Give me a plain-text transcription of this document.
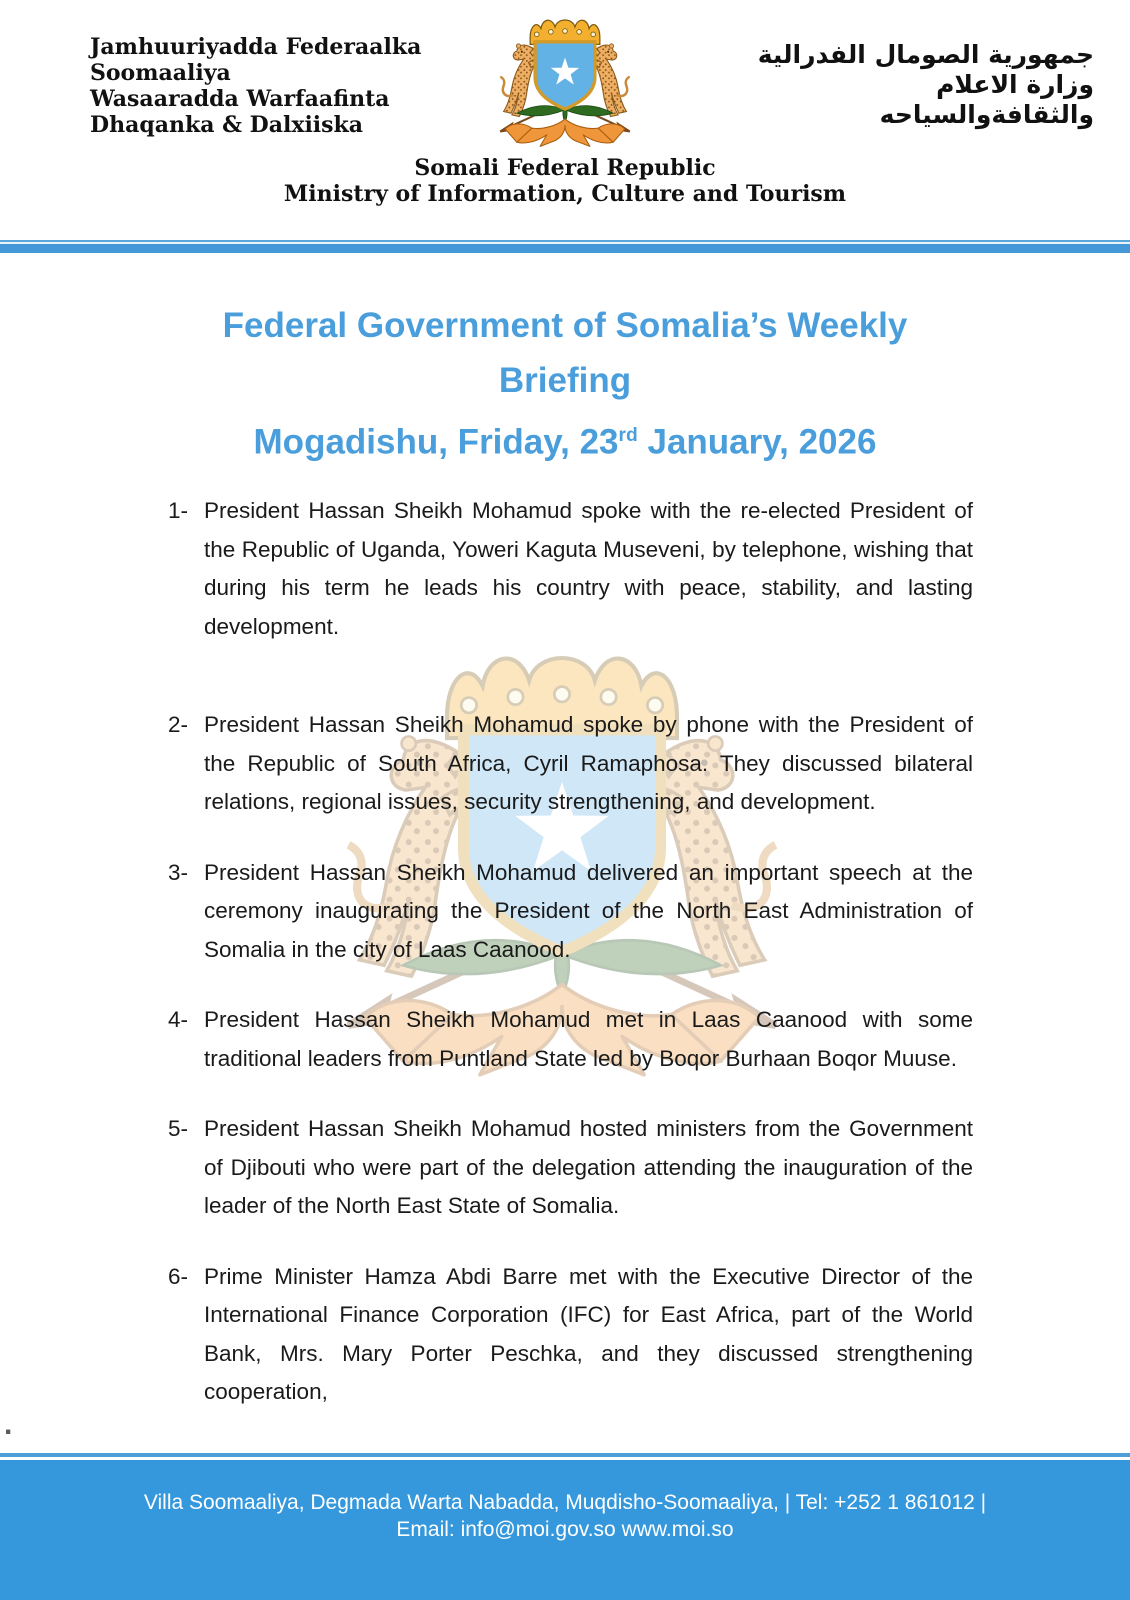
Jamhuuriyadda Federaalka
Soomaaliya
Wasaaradda Warfaafinta
Dhaqanka & Dalxiiska
جمهورية الصومال الفدرالية
وزارة الاعلام
والثقافةوالسياحه
Somali Federal Republic
Ministry of Information, Culture and Tourism
Federal Government of Somalia’s Weekly
Briefing
Mogadishu, Friday, 23rd January, 2026
1- President Hassan Sheikh Mohamud spoke with the re-elected President of the Republic of Uganda, Yoweri Kaguta Museveni, by telephone, wishing that during his term he leads his country with peace, stability, and lasting development.
2- President Hassan Sheikh Mohamud spoke by phone with the President of the Republic of South Africa, Cyril Ramaphosa. They discussed bilateral relations, regional issues, security strengthening, and development.
3- President Hassan Sheikh Mohamud delivered an important speech at the ceremony inaugurating the President of the North East Administration of Somalia in the city of Laas Caanood.
4- President Hassan Sheikh Mohamud met in Laas Caanood with some traditional leaders from Puntland State led by Boqor Burhaan Boqor Muuse.
5- President Hassan Sheikh Mohamud hosted ministers from the Government of Djibouti who were part of the delegation attending the inauguration of the leader of the North East State of Somalia.
6- Prime Minister Hamza Abdi Barre met with the Executive Director of the International Finance Corporation (IFC) for East Africa, part of the World Bank, Mrs. Mary Porter Peschka, and they discussed strengthening cooperation,
.
Villa Soomaaliya, Degmada Warta Nabadda, Muqdisho-Soomaaliya, | Tel: +252 1 861012 |
Email: info@moi.gov.so www.moi.so
